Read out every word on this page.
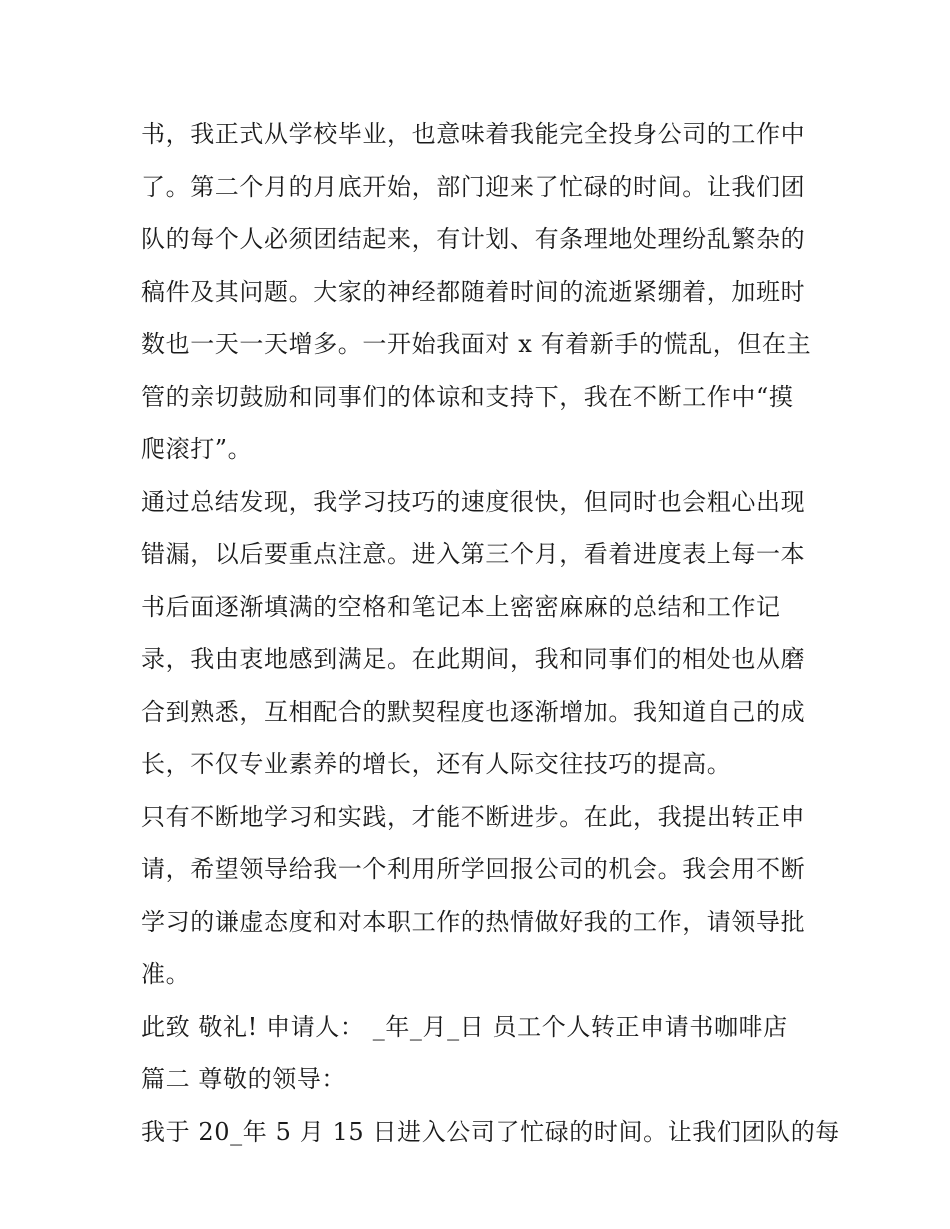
书，我正式从学校毕业，也意味着我能完全投身公司的工作中
了。第二个月的月底开始，部门迎来了忙碌的时间。让我们团
队的每个人必须团结起来，有计划、有条理地处理纷乱繁杂的
稿件及其问题。大家的神经都随着时间的流逝紧绷着，加班时
数也一天一天增多。一开始我面对 x 有着新手的慌乱，但在主
管的亲切鼓励和同事们的体谅和支持下，我在不断工作中“摸
爬滚打”。
通过总结发现，我学习技巧的速度很快，但同时也会粗心出现
错漏，以后要重点注意。进入第三个月，看着进度表上每一本
书后面逐渐填满的空格和笔记本上密密麻麻的总结和工作记
录，我由衷地感到满足。在此期间，我和同事们的相处也从磨
合到熟悉，互相配合的默契程度也逐渐增加。我知道自己的成
长，不仅专业素养的增长，还有人际交往技巧的提高。
只有不断地学习和实践，才能不断进步。在此，我提出转正申
请，希望领导给我一个利用所学回报公司的机会。我会用不断
学习的谦虚态度和对本职工作的热情做好我的工作，请领导批
准。
此致 敬礼! 申请人： _年_月_日 员工个人转正申请书咖啡店
篇二 尊敬的领导：
我于 20_年 5 月 15 日进入公司了忙碌的时间。让我们团队的每
